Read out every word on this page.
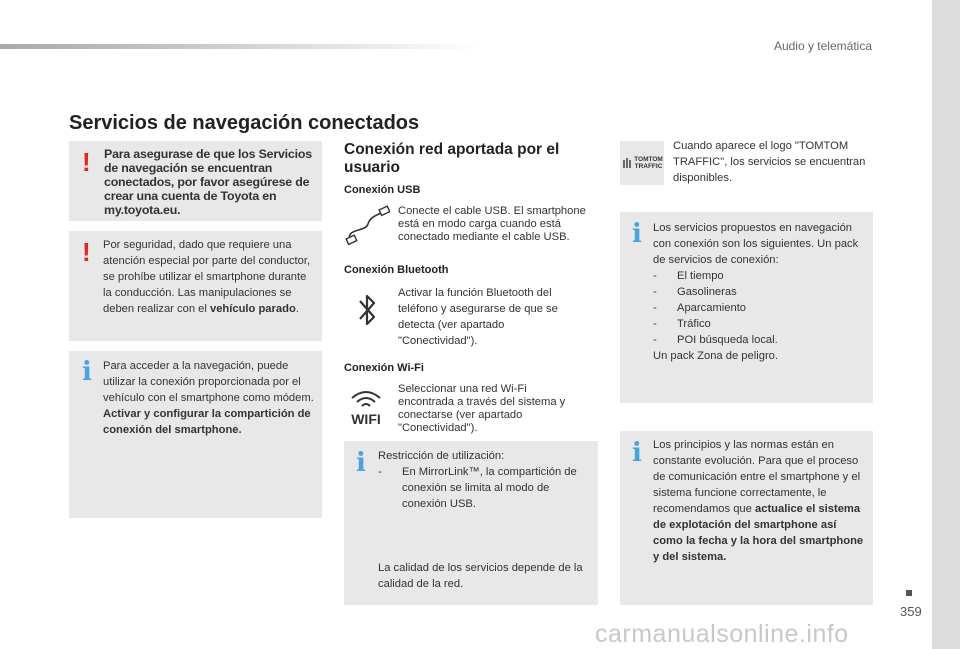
Audio y telemática
Servicios de navegación conectados
! Para asegurase de que los Servicios de navegación se encuentran conectados, por favor asegúrese de crear una cuenta de Toyota en my.toyota.eu.
! Por seguridad, dado que requiere una atención especial por parte del conductor, se prohíbe utilizar el smartphone durante la conducción. Las manipulaciones se deben realizar con el vehículo parado.
i Para acceder a la navegación, puede utilizar la conexión proporcionada por el vehículo con el smartphone como módem.
Activar y configurar la compartición de conexión del smartphone.
Conexión red aportada por el usuario
Conexión USB
Conecte el cable USB. El smartphone está en modo carga cuando está conectado mediante el cable USB.
Conexión Bluetooth
Activar la función Bluetooth del teléfono y asegurarse de que se detecta (ver apartado "Conectividad").
Conexión Wi-Fi
WIFI
Seleccionar una red Wi-Fi encontrada a través del sistema y conectarse (ver apartado "Conectividad").
i Restricción de utilización:
- En MirrorLink™, la compartición de conexión se limita al modo de conexión USB.
La calidad de los servicios depende de la calidad de la red.
TOMTOM TRAFFIC
Cuando aparece el logo "TOMTOM TRAFFIC", los servicios se encuentran disponibles.
i Los servicios propuestos en navegación con conexión son los siguientes. Un pack de servicios de conexión:
- El tiempo
- Gasolineras
- Aparcamiento
- Tráfico
- POI búsqueda local.
Un pack Zona de peligro.
i Los principios y las normas están en constante evolución. Para que el proceso de comunicación entre el smartphone y el sistema funcione correctamente, le recomendamos que actualice el sistema de explotación del smartphone así como la fecha y la hora del smartphone y del sistema.
359
carmanualsonline.info
